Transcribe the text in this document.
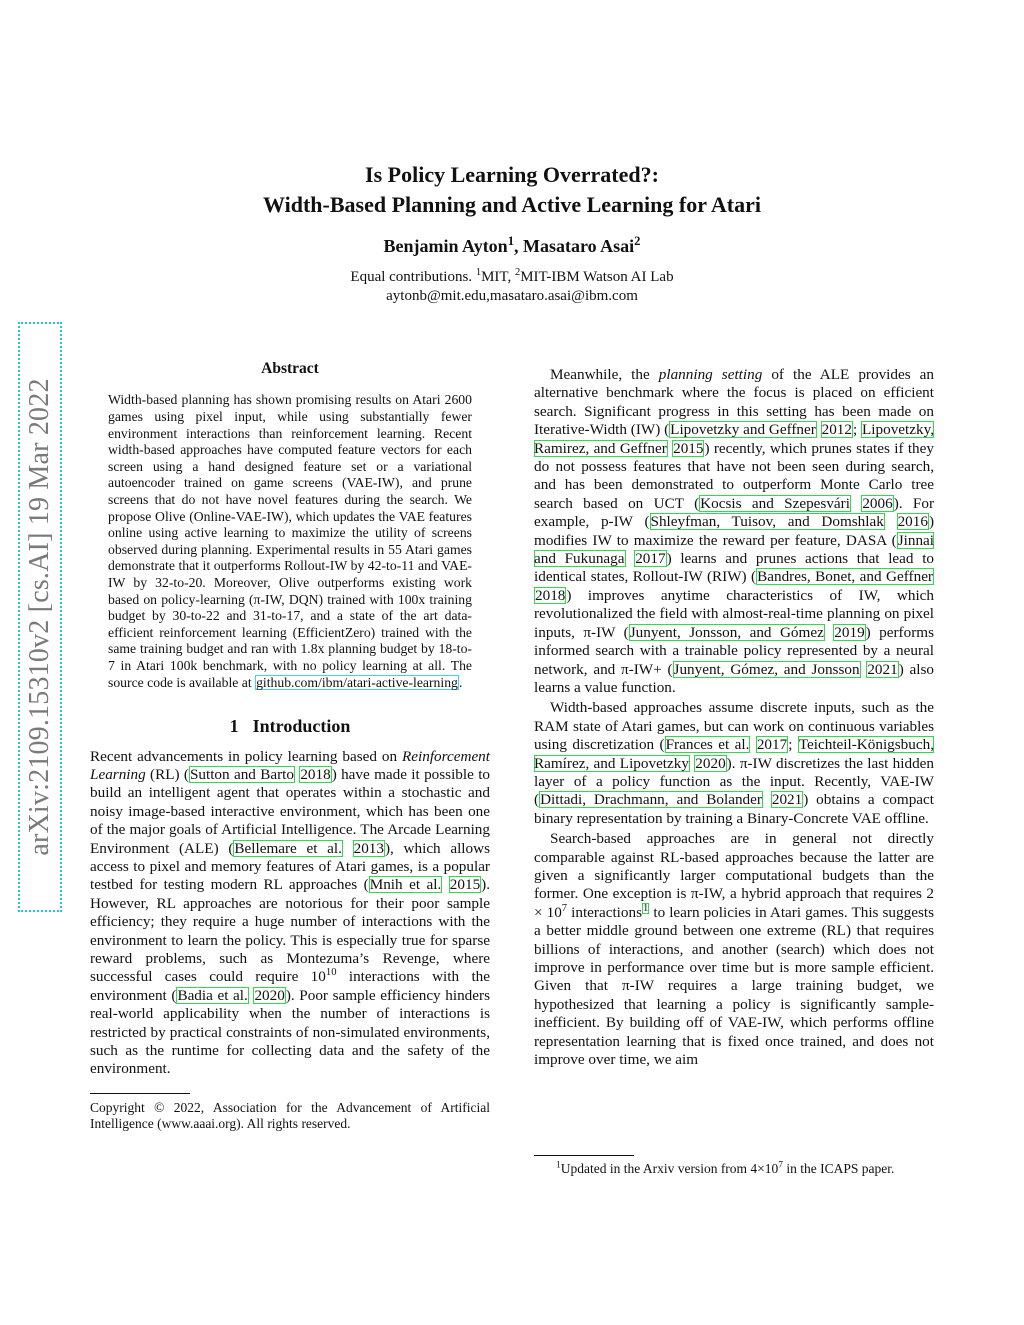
arXiv:2109.15310v2 [cs.AI] 19 Mar 2022
Is Policy Learning Overrated?:
Width-Based Planning and Active Learning for Atari
Benjamin Ayton$^1$, Masataro Asai$^2$
Equal contributions. $^1$MIT, $^2$MIT-IBM Watson AI Lab
aytonb@mit.edu,masataro.asai@ibm.com
Abstract
Width-based planning has shown promising results on Atari 2600 games using pixel input, while using substantially fewer environment interactions than reinforcement learning. Recent width-based approaches have computed feature vectors for each screen using a hand designed feature set or a variational autoencoder trained on game screens (VAE-IW), and prune screens that do not have novel features during the search. We propose Olive (Online-VAE-IW), which updates the VAE features online using active learning to maximize the utility of screens observed during planning. Experimental results in 55 Atari games demonstrate that it outperforms Rollout-IW by 42-to-11 and VAE-IW by 32-to-20. Moreover, Olive outperforms existing work based on policy-learning (π-IW, DQN) trained with 100x training budget by 30-to-22 and 31-to-17, and a state of the art data-efficient reinforcement learning (EfficientZero) trained with the same training budget and ran with 1.8x planning budget by 18-to-7 in Atari 100k benchmark, with no policy learning at all. The source code is available at github.com/ibm/atari-active-learning.
1 Introduction

Recent advancements in policy learning based on Reinforcement Learning (RL) (Sutton and Barto 2018) have made it possible to build an intelligent agent that operates within a stochastic and noisy image-based interactive environment, which has been one of the major goals of Artificial Intelligence. The Arcade Learning Environment (ALE) (Bellemare et al. 2013), which allows access to pixel and memory features of Atari games, is a popular testbed for testing modern RL approaches (Mnih et al. 2015). However, RL approaches are notorious for their poor sample efficiency; they require a huge number of interactions with the environment to learn the policy. This is especially true for sparse reward problems, such as Montezuma’s Revenge, where successful cases could require $10^{10}$ interactions with the environment (Badia et al. 2020). Poor sample efficiency hinders real-world applicability when the number of interactions is restricted by practical constraints of non-simulated environments, such as the runtime for collecting data and the safety of the environment.

Copyright © 2022, Association for the Advancement of Artificial Intelligence (www.aaai.org). All rights reserved.

Meanwhile, the planning setting of the ALE provides an alternative benchmark where the focus is placed on efficient search. Significant progress in this setting has been made on Iterative-Width (IW) (Lipovetzky and Geffner 2012; Lipovetzky, Ramirez, and Geffner 2015) recently, which prunes states if they do not possess features that have not been seen during search, and has been demonstrated to outperform Monte Carlo tree search based on UCT (Kocsis and Szepesvári 2006). For example, p-IW (Shleyfman, Tuisov, and Domshlak 2016) modifies IW to maximize the reward per feature, DASA (Jinnai and Fukunaga 2017) learns and prunes actions that lead to identical states, Rollout-IW (RIW) (Bandres, Bonet, and Geffner 2018) improves anytime characteristics of IW, which revolutionalized the field with almost-real-time planning on pixel inputs, π-IW (Junyent, Jonsson, and Gómez 2019) performs informed search with a trainable policy represented by a neural network, and π-IW+ (Junyent, Gómez, and Jonsson 2021) also learns a value function.

Width-based approaches assume discrete inputs, such as the RAM state of Atari games, but can work on continuous variables using discretization (Frances et al. 2017; Teichteil-Königsbuch, Ramírez, and Lipovetzky 2020). π-IW discretizes the last hidden layer of a policy function as the input. Recently, VAE-IW (Dittadi, Drachmann, and Bolander 2021) obtains a compact binary representation by training a Binary-Concrete VAE offline.

Search-based approaches are in general not directly comparable against RL-based approaches because the latter are given a significantly larger computational budgets than the former. One exception is π-IW, a hybrid approach that requires $2 \times 10^7$ interactions$^1$ to learn policies in Atari games. This suggests a better middle ground between one extreme (RL) that requires billions of interactions, and another (search) which does not improve in performance over time but is more sample efficient. Given that π-IW requires a large training budget, we hypothesized that learning a policy is significantly sample-inefficient. By building off of VAE-IW, which performs offline representation learning that is fixed once trained, and does not improve over time, we aim

$^1$Updated in the Arxiv version from $4\times 10^7$ in the ICAPS paper.
